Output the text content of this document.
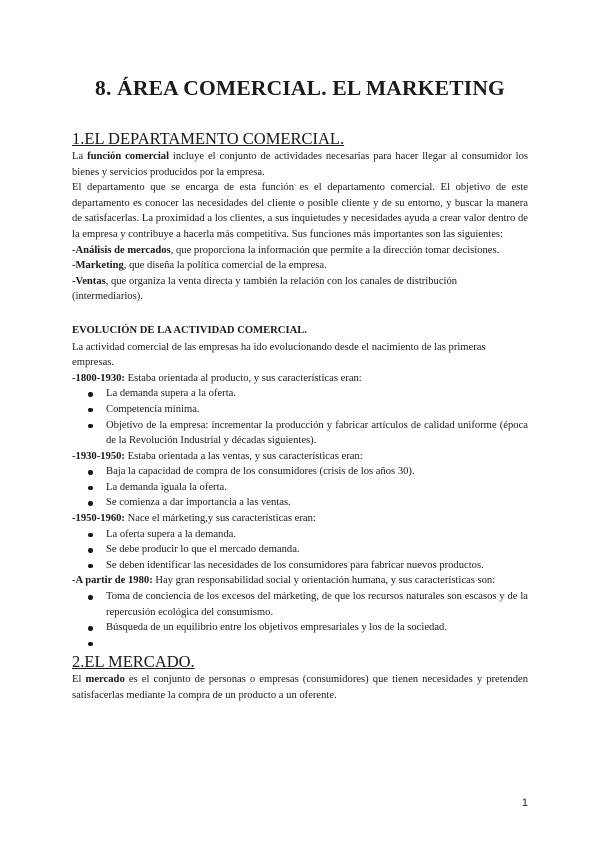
8. ÁREA COMERCIAL. EL MARKETING
1.EL DEPARTAMENTO COMERCIAL.

La función comercial incluye el conjunto de actividades necesarias para hacer llegar al consumidor los bienes y servicios producidos por la empresa.

El departamento que se encarga de esta función es el departamento comercial. El objetivo de este departamento es conocer las necesidades del cliente o posible cliente y de su entorno, y buscar la manera de satisfacerlas. La proximidad a los clientes, a sus inquietudes y necesidades ayuda a crear valor dentro de la empresa y contribuye a hacerla más competitiva. Sus funciones más importantes son las siguientes:

-Análisis de mercados, que proporciona la información que permite a la dirección tomar decisiones.

-Marketing, que diseña la política comercial de la empresa.

-Ventas, que organiza la venta directa y también la relación con los canales de distribución (intermediarios).

EVOLUCIÓN DE LA ACTIVIDAD COMERCIAL.

La actividad comercial de las empresas ha ido evolucionando desde el nacimiento de las primeras empresas.

-1800-1930: Estaba orientada al producto, y sus características eran:

La demanda supera a la oferta.
Competencia mínima.
Objetivo de la empresa: incrementar la producción y fabricar artículos de calidad uniforme (época de la Revolución Industrial y décadas siguientes).

-1930-1950: Estaba orientada a las ventas, y sus características eran:

Baja la capacidad de compra de los consumidores (crisis de los años 30).
La demanda iguala la oferta.
Se comienza a dar importancia a las ventas.

-1950-1960: Nace el márketing,y sus características eran:

La oferta supera a la demanda.
Se debe producir lo que el mercado demanda.
Se deben identificar las necesidades de los consumidores para fabricar nuevos productos.

-A partir de 1980: Hay gran responsabilidad social y orientación humana, y sus características son:

Toma de conciencia de los excesos del márketing, de que los recursos naturales son escasos y de la repercusión ecológica del consumismo.
Búsqueda de un equilibrio entre los objetivos empresariales y los de la sociedad.
2.EL MERCADO.

El mercado es el conjunto de personas o empresas (consumidores) que tienen necesidades y pretenden satisfacerlas mediante la compra de un producto a un oferente.

1
